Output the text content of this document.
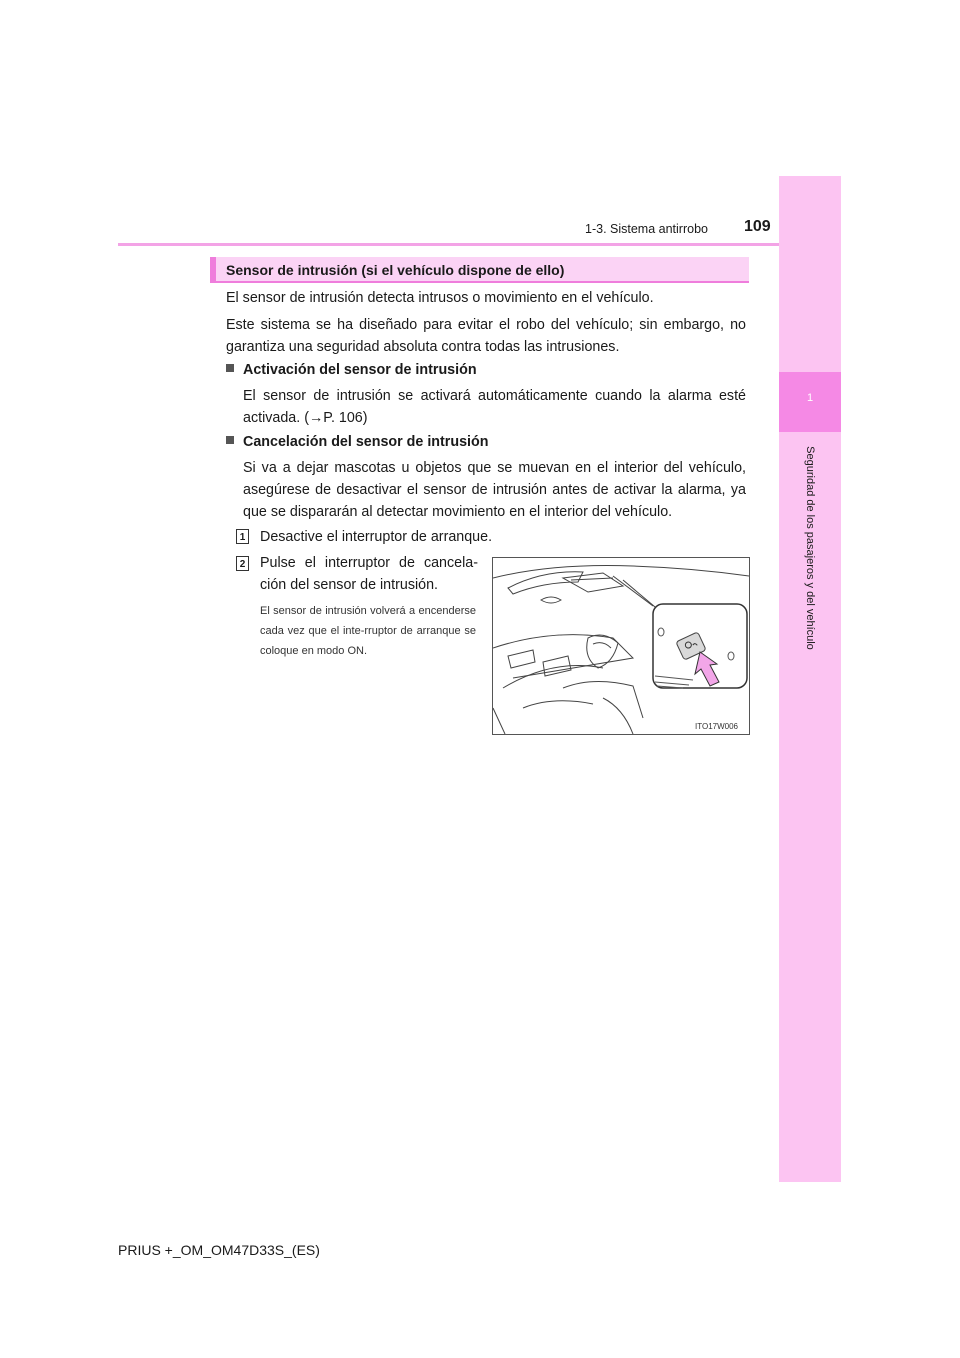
1
Seguridad de los pasajeros y del vehículo
1-3. Sistema antirrobo 109
Sensor de intrusión (si el vehículo dispone de ello)

El sensor de intrusión detecta intrusos o movimiento en el vehículo.

Este sistema se ha diseñado para evitar el robo del vehículo; sin embargo, no garantiza una seguridad absoluta contra todas las intrusiones.

Activación del sensor de intrusión

El sensor de intrusión se activará automáticamente cuando la alarma esté activada. (→P. 106)

Cancelación del sensor de intrusión

Si va a dejar mascotas u objetos que se muevan en el interior del vehículo, asegúrese de desactivar el sensor de intrusión antes de activar la alarma, ya que se dispararán al detectar movimiento en el interior del vehículo.

1 Desactive el interruptor de arranque.
2 Pulse el interruptor de cancela-ción del sensor de intrusión.

El sensor de intrusión volverá a encenderse cada vez que el inte-rruptor de arranque se coloque en modo ON.

ITO17W006
PRIUS +_OM_OM47D33S_(ES)
